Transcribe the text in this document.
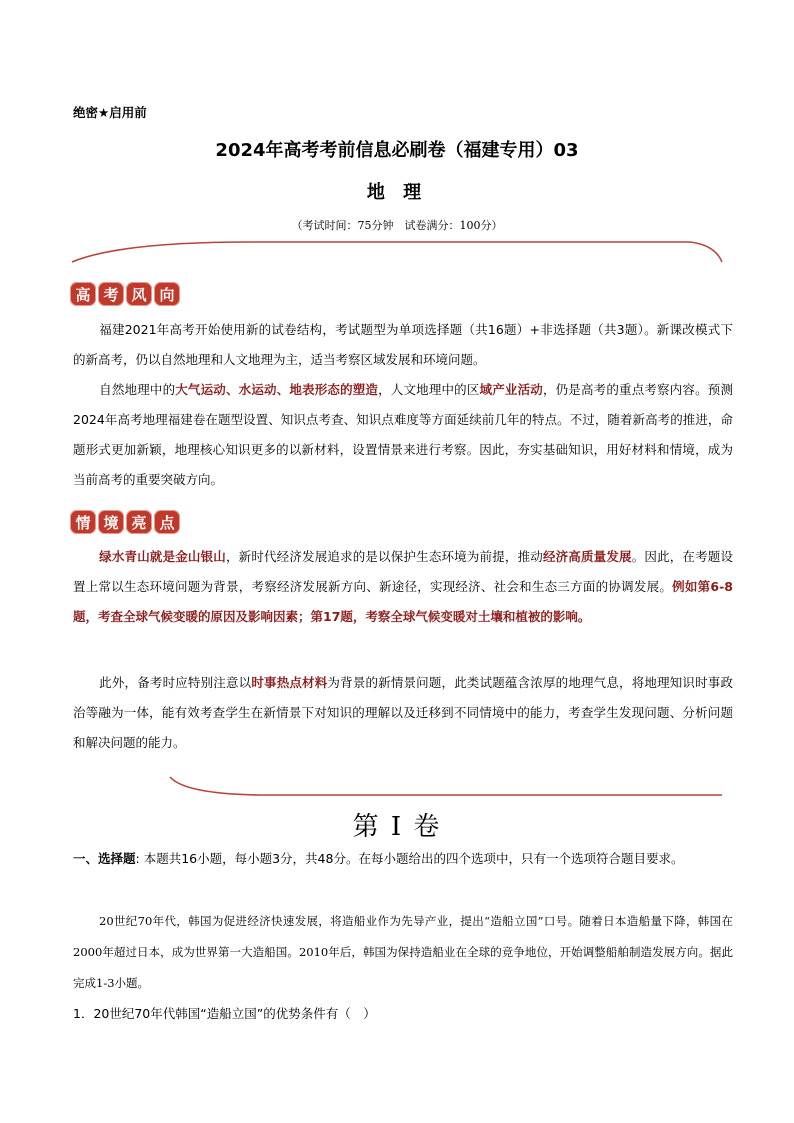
绝密★启用前
2024年高考考前信息必刷卷（福建专用）03
地 理
（考试时间：75分钟　试卷满分：100分）
高 考 风 向
福建2021年高考开始使用新的试卷结构，考试题型为单项选择题（共16题）+非选择题（共3题）。新课改模式下的新高考，仍以自然地理和人文地理为主，适当考察区域发展和环境问题。
自然地理中的大气运动、水运动、地表形态的塑造，人文地理中的区域产业活动，仍是高考的重点考察内容。预测2024年高考地理福建卷在题型设置、知识点考查、知识点难度等方面延续前几年的特点。不过，随着新高考的推进，命题形式更加新颖，地理核心知识更多的以新材料，设置情景来进行考察。因此，夯实基础知识，用好材料和情境，成为当前高考的重要突破方向。
情 境 亮 点
绿水青山就是金山银山，新时代经济发展追求的是以保护生态环境为前提，推动经济高质量发展。因此，在考题设置上常以生态环境问题为背景，考察经济发展新方向、新途径，实现经济、社会和生态三方面的协调发展。例如第6-8题，考查全球气候变暖的原因及影响因素；第17题，考察全球气候变暖对土壤和植被的影响。
此外，备考时应特别注意以时事热点材料为背景的新情景问题，此类试题蕴含浓厚的地理气息，将地理知识时事政治等融为一体，能有效考查学生在新情景下对知识的理解以及迁移到不同情境中的能力，考查学生发现问题、分析问题和解决问题的能力。
第 I 卷
一、选择题: 本题共16小题，每小题3分，共48分。在每小题给出的四个选项中，只有一个选项符合题目要求。
20世纪70年代，韩国为促进经济快速发展，将造船业作为先导产业，提出“造船立国”口号。随着日本造船量下降，韩国在2000年超过日本，成为世界第一大造船国。2010年后，韩国为保持造船业在全球的竞争地位，开始调整船舶制造发展方向。据此完成1-3小题。
1．20世纪70年代韩国“造船立国”的优势条件有（　）
